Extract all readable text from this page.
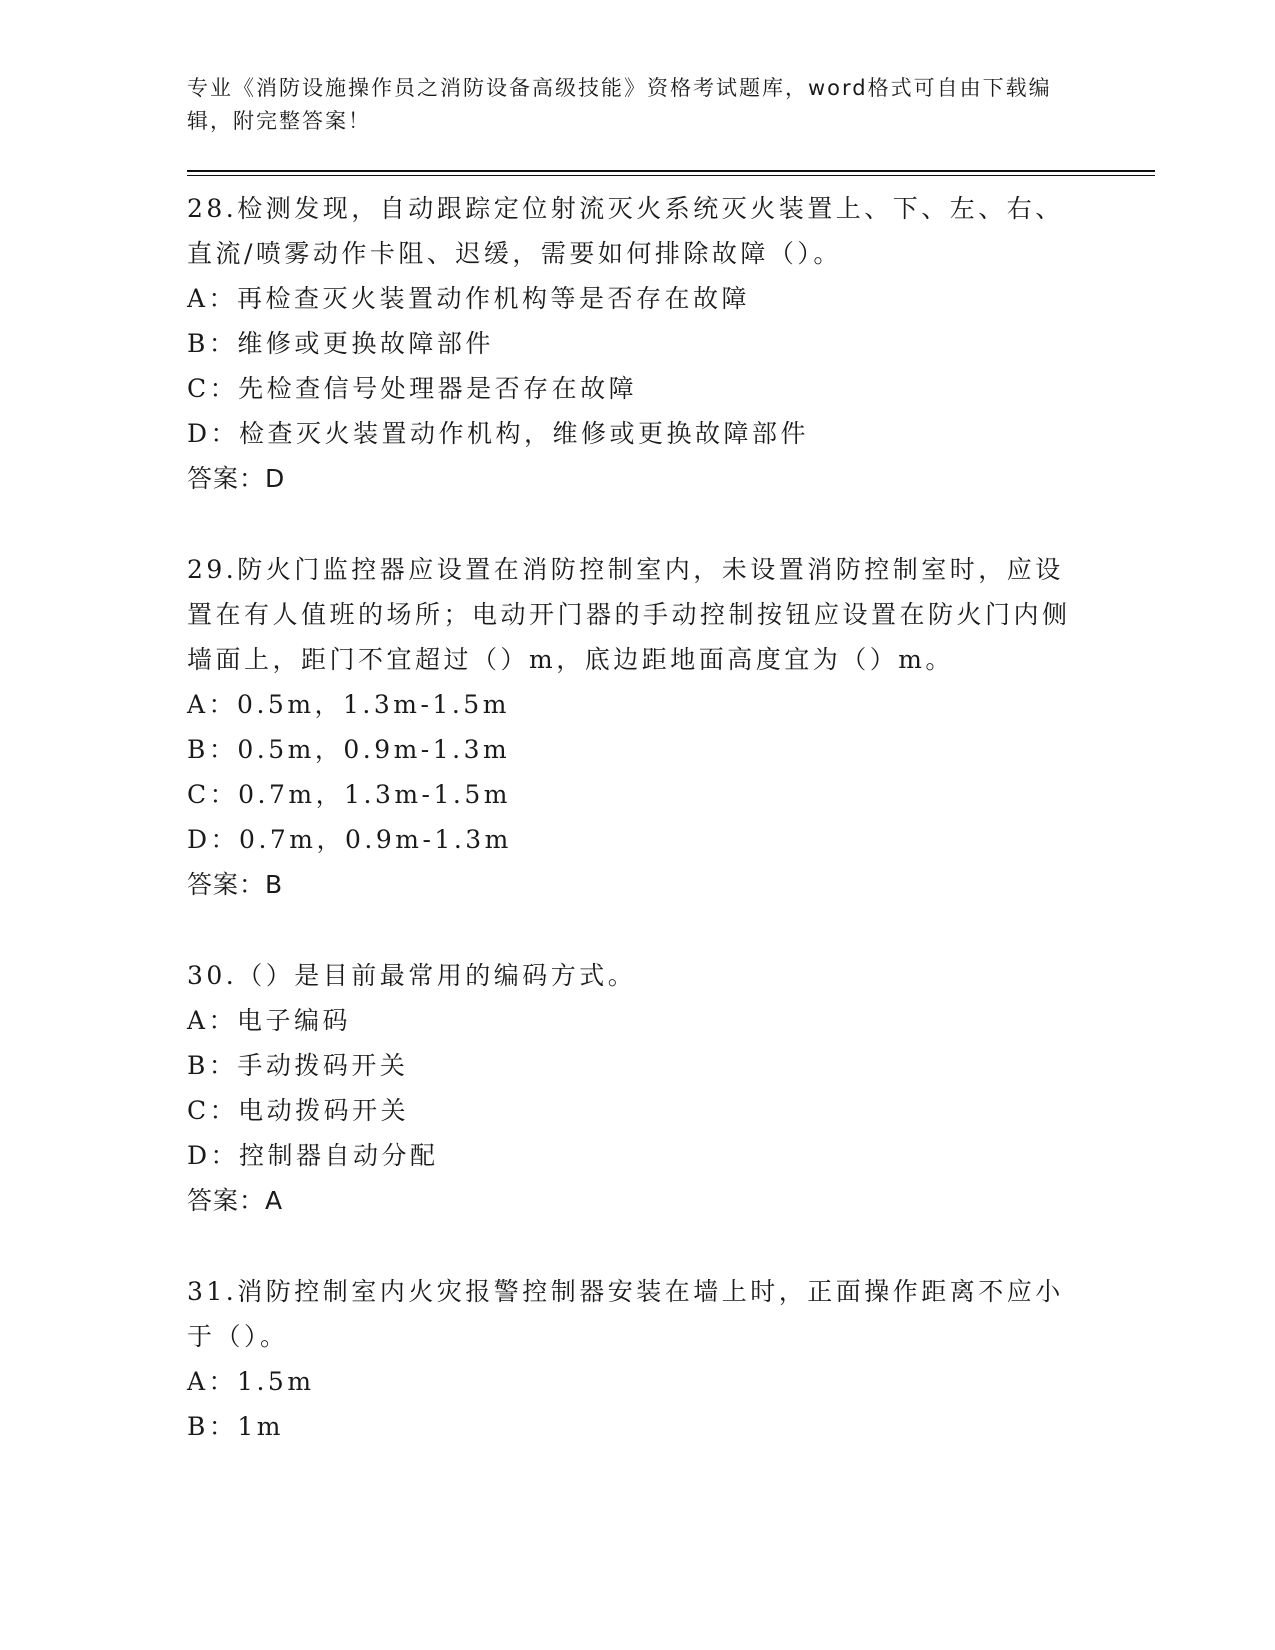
专业《消防设施操作员之消防设备高级技能》资格考试题库，word格式可自由下载编辑，附完整答案！
28.检测发现，自动跟踪定位射流灭火系统灭火装置上、下、左、右、直流/喷雾动作卡阻、迟缓，需要如何排除故障（）。
A：再检查灭火装置动作机构等是否存在故障
B：维修或更换故障部件
C：先检查信号处理器是否存在故障
D：检查灭火装置动作机构，维修或更换故障部件
答案：D
29.防火门监控器应设置在消防控制室内，未设置消防控制室时，应设置在有人值班的场所；电动开门器的手动控制按钮应设置在防火门内侧墙面上，距门不宜超过（）m，底边距地面高度宜为（）m。
A：0.5m，1.3m-1.5m
B：0.5m，0.9m-1.3m
C：0.7m，1.3m-1.5m
D：0.7m，0.9m-1.3m
答案：B
30.（）是目前最常用的编码方式。
A：电子编码
B：手动拨码开关
C：电动拨码开关
D：控制器自动分配
答案：A
31.消防控制室内火灾报警控制器安装在墙上时，正面操作距离不应小于（）。
A：1.5m
B：1m
